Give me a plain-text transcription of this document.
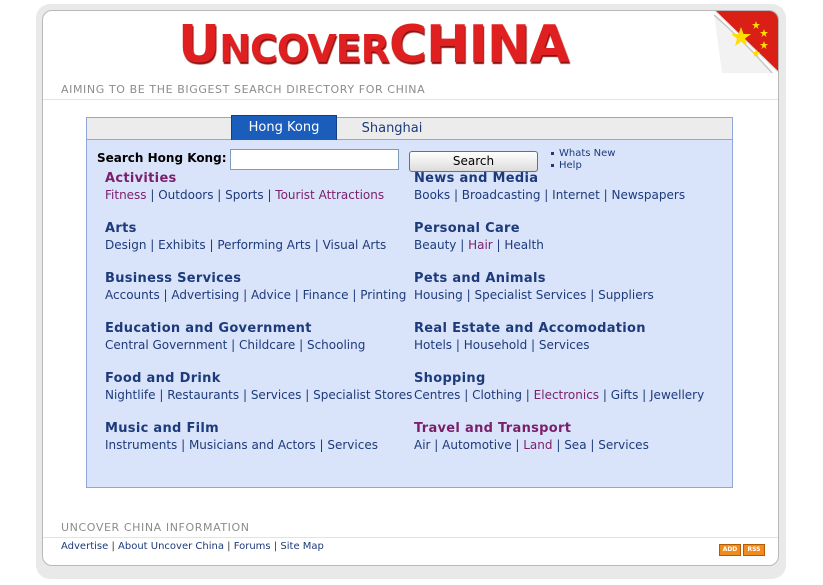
UNCOVERCHINA
AIMING TO BE THE BIGGEST SEARCH DIRECTORY FOR CHINA
Hong Kong	Shanghai
Search Hong Kong:	Search
Whats New
Help
Activities
Fitness | Outdoors | Sports | Tourist Attractions
News and Media
Books | Broadcasting | Internet | Newspapers
Arts
Design | Exhibits | Performing Arts | Visual Arts
Personal Care
Beauty | Hair | Health
Business Services
Accounts | Advertising | Advice | Finance | Printing
Pets and Animals
Housing | Specialist Services | Suppliers
Education and Government
Central Government | Childcare | Schooling
Real Estate and Accomodation
Hotels | Household | Services
Food and Drink
Nightlife | Restaurants | Services | Specialist Stores
Shopping
Centres | Clothing | Electronics | Gifts | Jewellery
Music and Film
Instruments | Musicians and Actors | Services
Travel and Transport
Air | Automotive | Land | Sea | Services
UNCOVER CHINA INFORMATION
Advertise | About Uncover China | Forums | Site Map	ADD	RSS
